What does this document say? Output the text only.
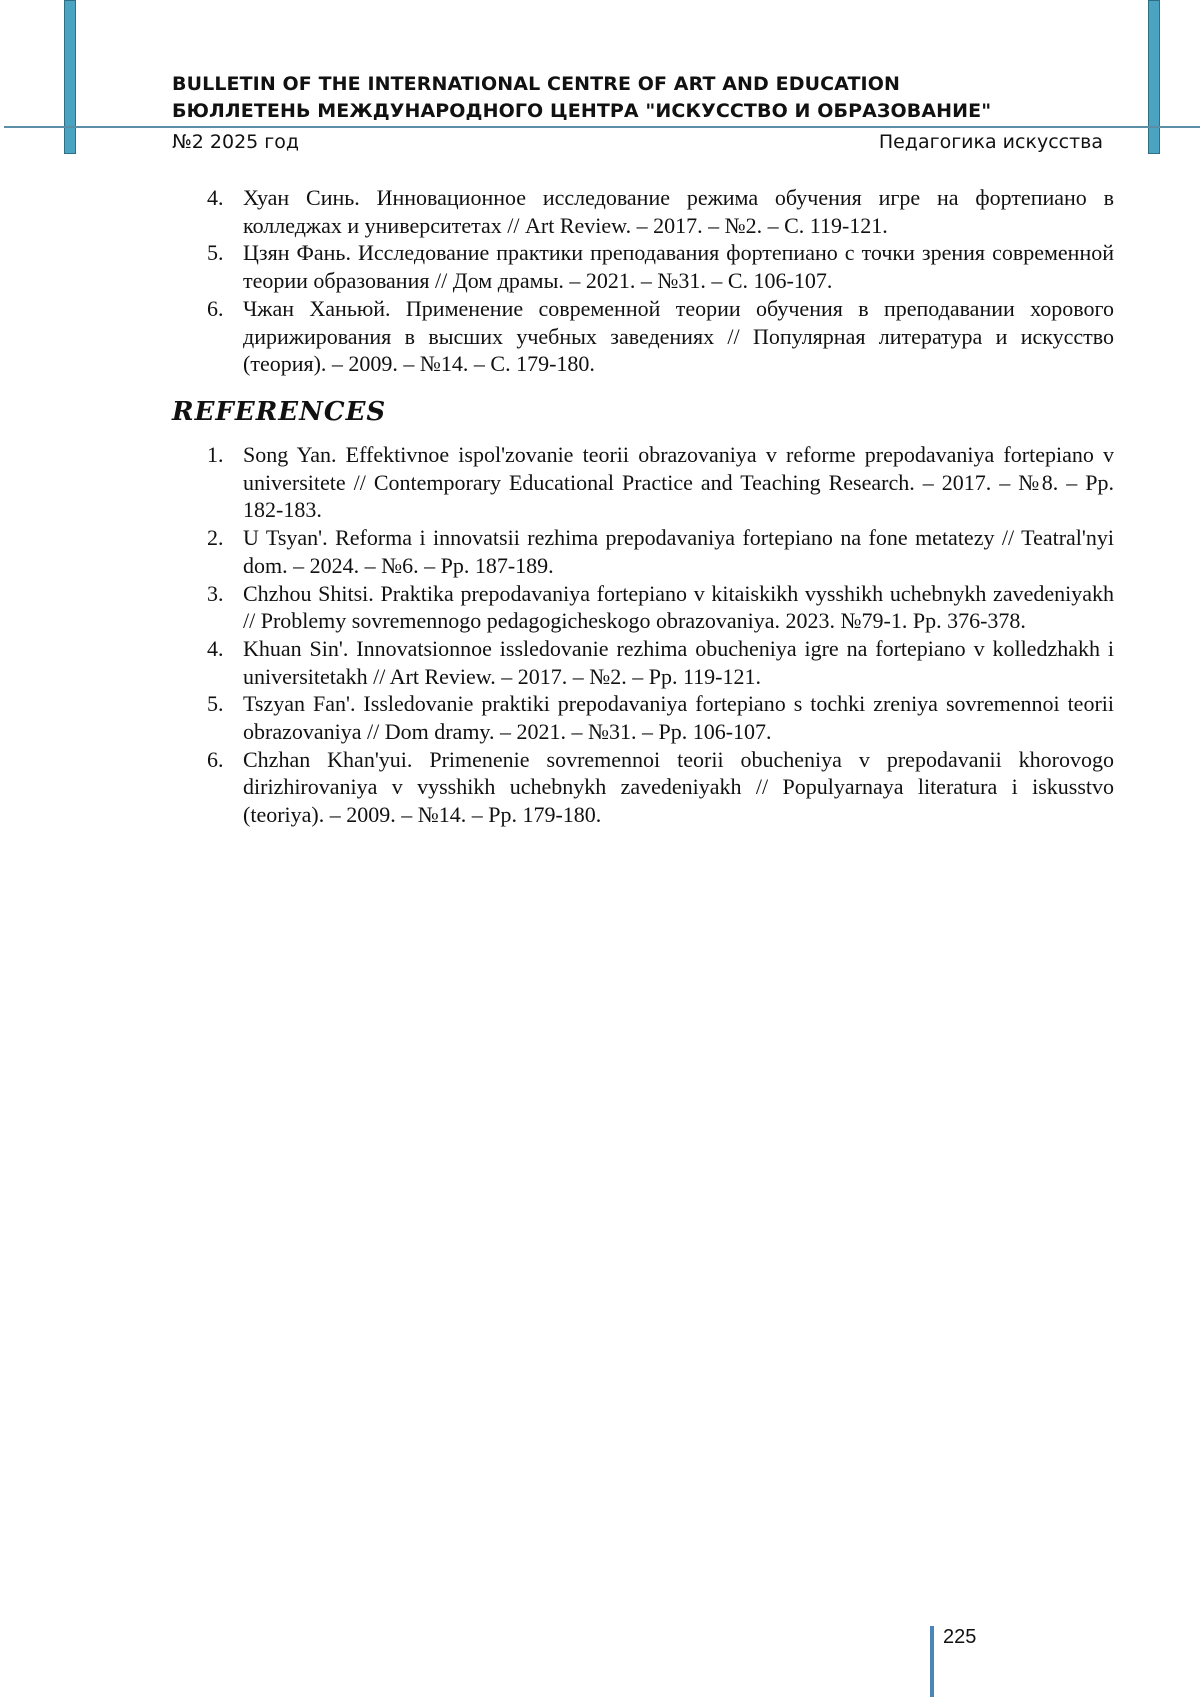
BULLETIN OF THE INTERNATIONAL CENTRE OF ART AND EDUCATION
БЮЛЛЕТЕНЬ МЕЖДУНАРОДНОГО ЦЕНТРА "ИСКУССТВО И ОБРАЗОВАНИЕ"
№2 2025 год	Педагогика искусства
4. Хуан Синь. Инновационное исследование режима обучения игре на фортепиано в колледжах и университетах // Art Review. – 2017. – №2. – С. 119-121.
5. Цзян Фань. Исследование практики преподавания фортепиано с точки зрения современной теории образования // Дом драмы. – 2021. – №31. – С. 106-107.
6. Чжан Ханьюй. Применение современной теории обучения в преподавании хорового дирижирования в высших учебных заведениях // Популярная литература и искусство (теория). – 2009. – №14. – С. 179-180.
REFERENCES
1. Song Yan. Effektivnoe ispol'zovanie teorii obrazovaniya v reforme prepodavaniya fortepiano v universitete // Contemporary Educational Practice and Teaching Research. – 2017. – №8. – Pp. 182-183.
2. U Tsyan'. Reforma i innovatsii rezhima prepodavaniya fortepiano na fone metatezy // Teatral'nyi dom. – 2024. – №6. – Pp. 187-189.
3. Chzhou Shitsi. Praktika prepodavaniya fortepiano v kitaiskikh vysshikh uchebnykh zavedeniyakh // Problemy sovremennogo pedagogicheskogo obrazovaniya. 2023. №79-1. Pp. 376-378.
4. Khuan Sin'. Innovatsionnoe issledovanie rezhima obucheniya igre na fortepiano v kolledzhakh i universitetakh // Art Review. – 2017. – №2. – Pp. 119-121.
5. Tszyan Fan'. Issledovanie praktiki prepodavaniya fortepiano s tochki zreniya sovremennoi teorii obrazovaniya // Dom dramy. – 2021. – №31. – Pp. 106-107.
6. Chzhan Khan'yui. Primenenie sovremennoi teorii obucheniya v prepodavanii khorovogo dirizhirovaniya v vysshikh uchebnykh zavedeniyakh // Populyarnaya literatura i iskusstvo (teoriya). – 2009. – №14. – Pp. 179-180.
225
